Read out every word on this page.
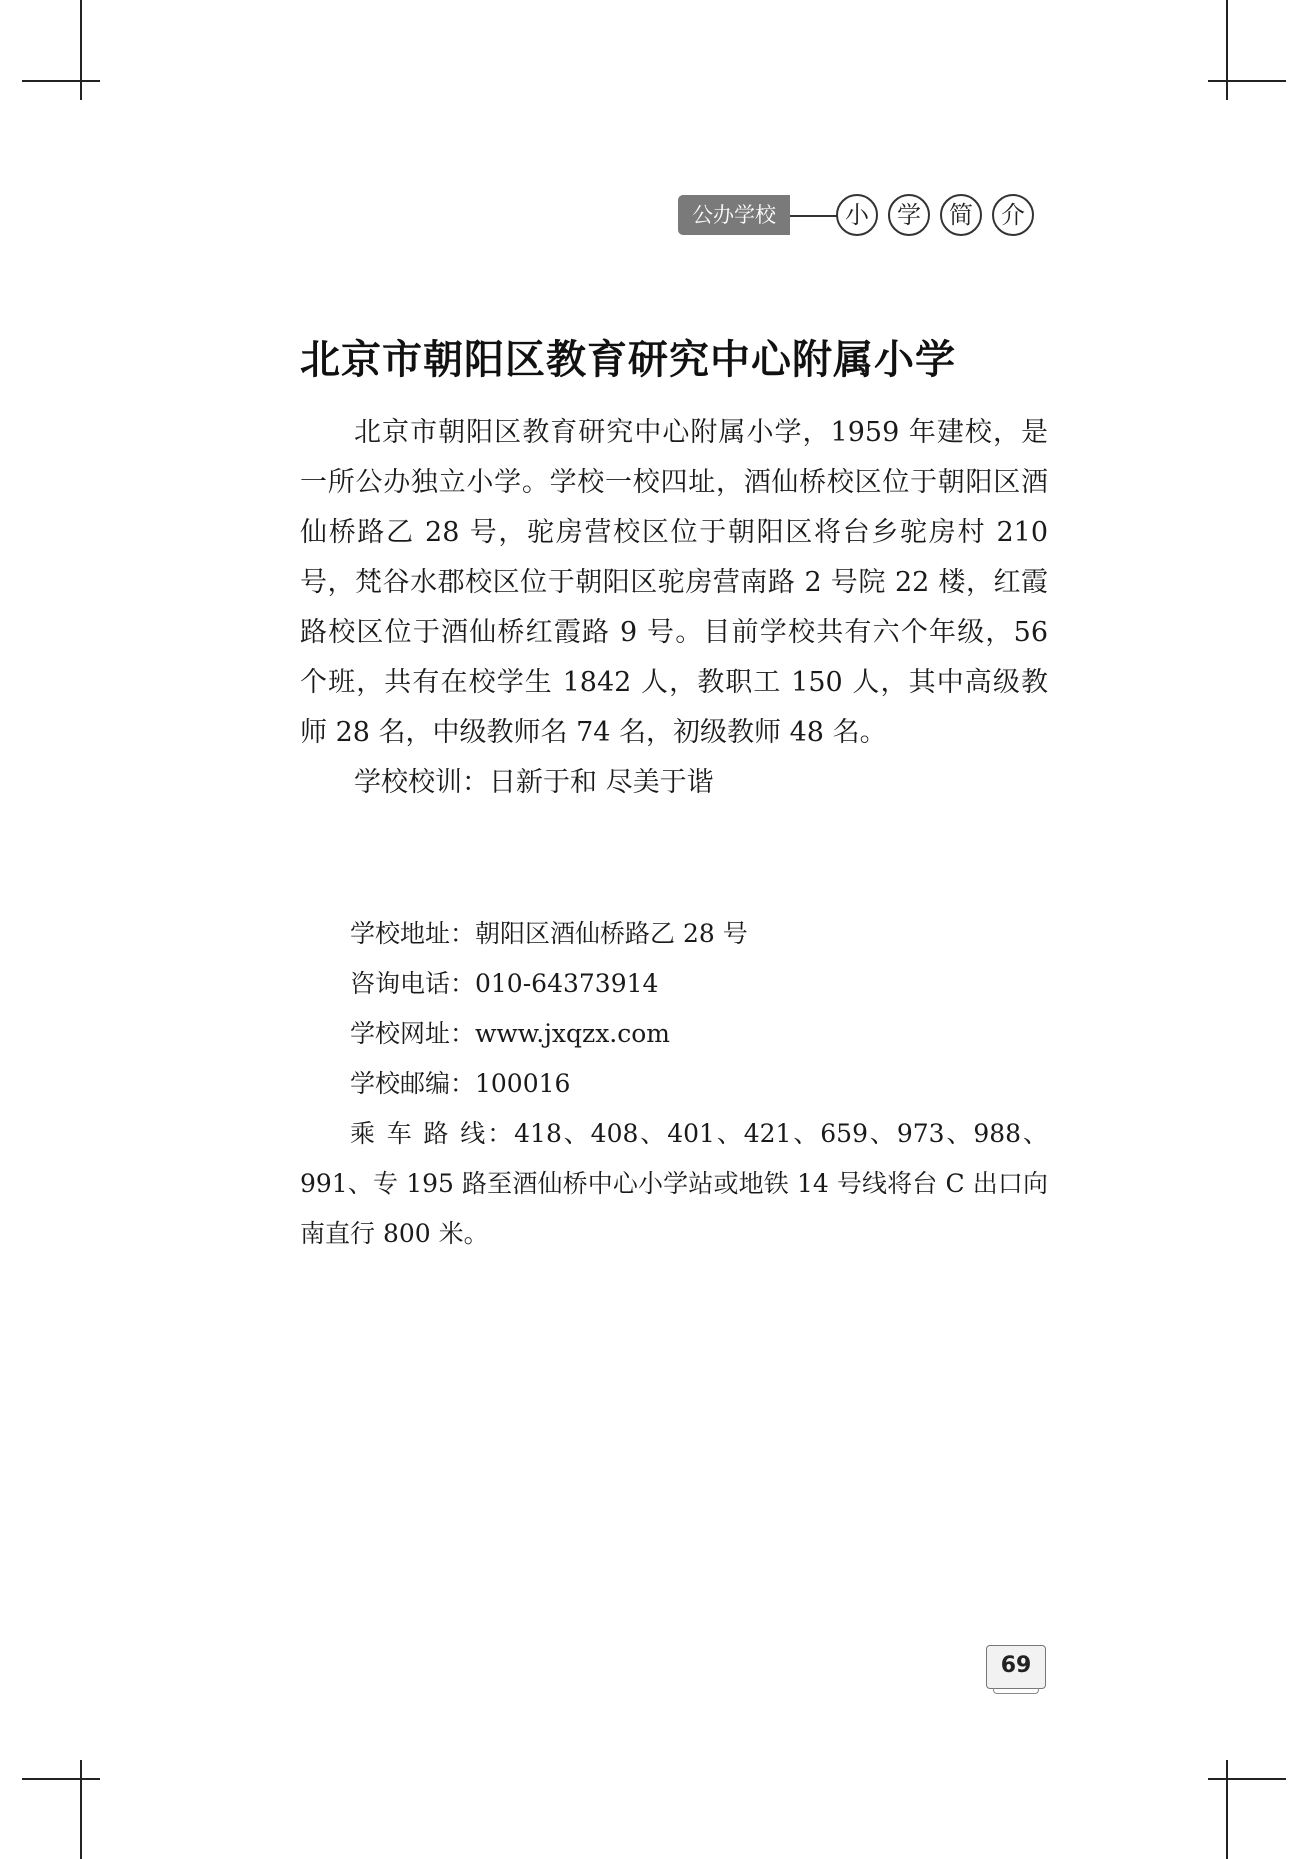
公办学校	小	学	简	介
北京市朝阳区教育研究中心附属小学

北京市朝阳区教育研究中心附属小学，1959 年建校，是一所公办独立小学。学校一校四址，酒仙桥校区位于朝阳区酒仙桥路乙 28 号，驼房营校区位于朝阳区将台乡驼房村 210 号，梵谷水郡校区位于朝阳区驼房营南路 2 号院 22 楼，红霞路校区位于酒仙桥红霞路 9 号。目前学校共有六个年级，56 个班，共有在校学生 1842 人，教职工 150 人，其中高级教师 28 名，中级教师名 74 名，初级教师 48 名。

学校校训：日新于和 尽美于谐

学校地址：朝阳区酒仙桥路乙 28 号

咨询电话：010-64373914

学校网址：www.jxqzx.com

学校邮编：100016

乘 车 路 线：418、408、401、421、659、973、988、991、专 195 路至酒仙桥中心小学站或地铁 14 号线将台 C 出口向南直行 800 米。

69
